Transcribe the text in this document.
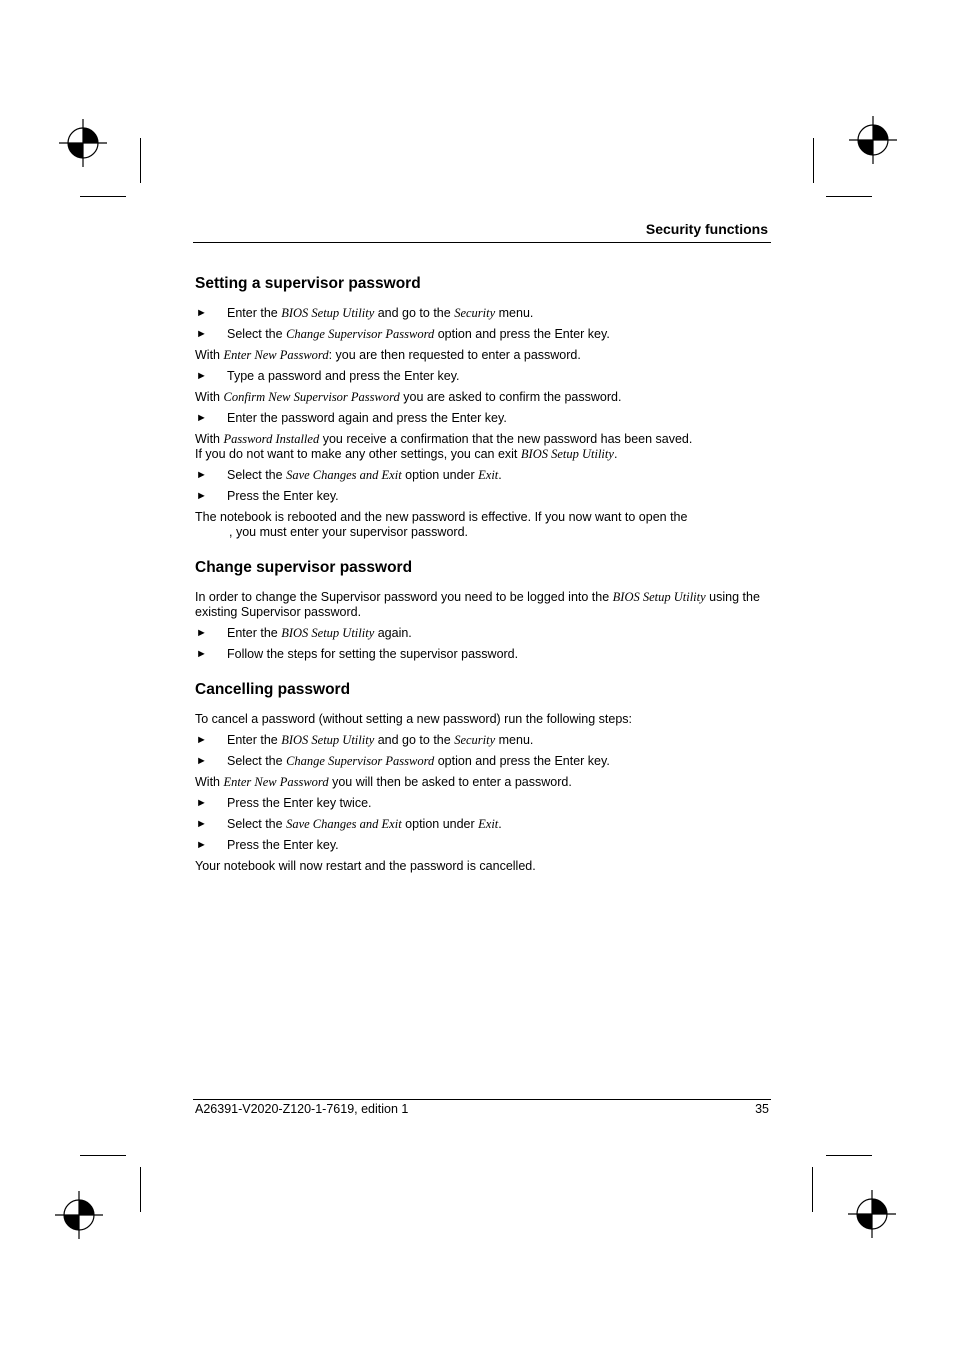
Security functions
Setting a supervisor password
► Enter the BIOS Setup Utility and go to the Security menu.
► Select the Change Supervisor Password option and press the Enter key.

With Enter New Password: you are then requested to enter a password.

► Type a password and press the Enter key.

With Confirm New Supervisor Password you are asked to confirm the password.

► Enter the password again and press the Enter key.

With Password Installed you receive a confirmation that the new password has been saved.
If you do not want to make any other settings, you can exit BIOS Setup Utility.

► Select the Save Changes and Exit option under Exit.
► Press the Enter key.

The notebook is rebooted and the new password is effective. If you now want to open the
, you must enter your supervisor password.

Change supervisor password

In order to change the Supervisor password you need to be logged into the BIOS Setup Utility using the existing Supervisor password.

► Enter the BIOS Setup Utility again.
► Follow the steps for setting the supervisor password.
Cancelling password

To cancel a password (without setting a new password) run the following steps:

► Enter the BIOS Setup Utility and go to the Security menu.
► Select the Change Supervisor Password option and press the Enter key.

With Enter New Password you will then be asked to enter a password.

► Press the Enter key twice.
► Select the Save Changes and Exit option under Exit.
► Press the Enter key.

Your notebook will now restart and the password is cancelled.

A26391-V2020-Z120-1-7619, edition 1	35
